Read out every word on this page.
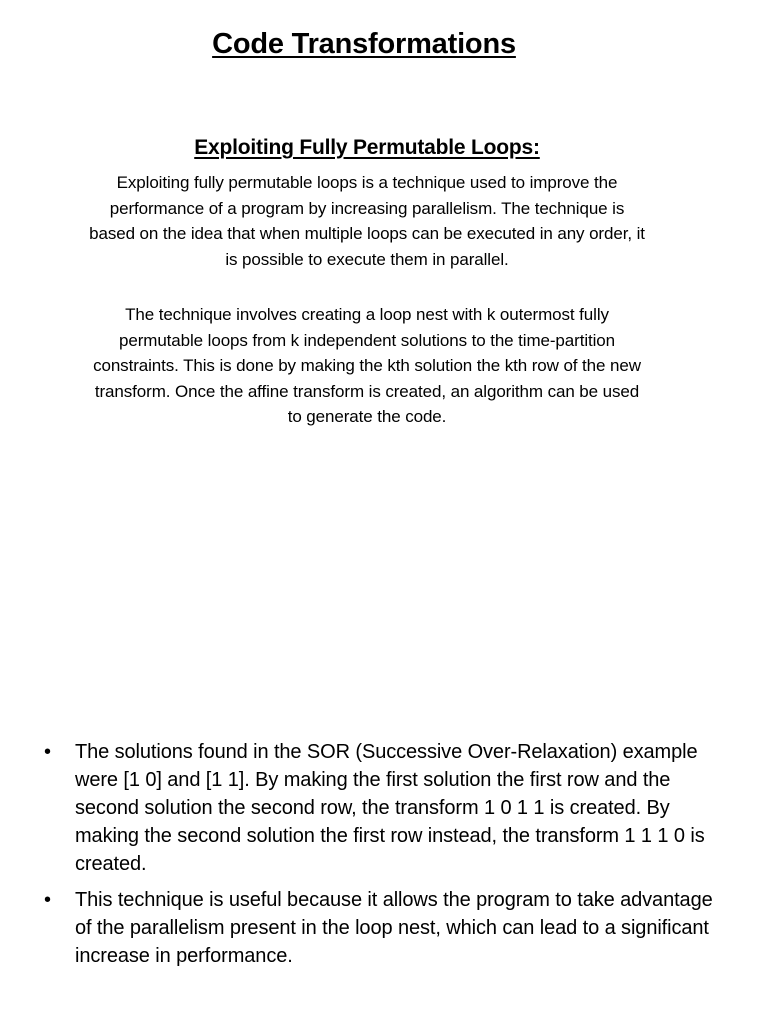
Code Transformations
Exploiting Fully Permutable Loops:
Exploiting fully permutable loops is a technique used to improve the performance of a program by increasing parallelism. The technique is based on the idea that when multiple loops can be executed in any order, it is possible to execute them in parallel.
The technique involves creating a loop nest with k outermost fully permutable loops from k independent solutions to the time-partition constraints. This is done by making the kth solution the kth row of the new transform. Once the affine transform is created, an algorithm can be used to generate the code.
• The solutions found in the SOR (Successive Over-Relaxation) example were [1 0] and [1 1]. By making the first solution the first row and the second solution the second row, the transform 1 0 1 1 is created. By making the second solution the first row instead, the transform 1 1 1 0 is created.
• This technique is useful because it allows the program to take advantage of the parallelism present in the loop nest, which can lead to a significant increase in performance.
